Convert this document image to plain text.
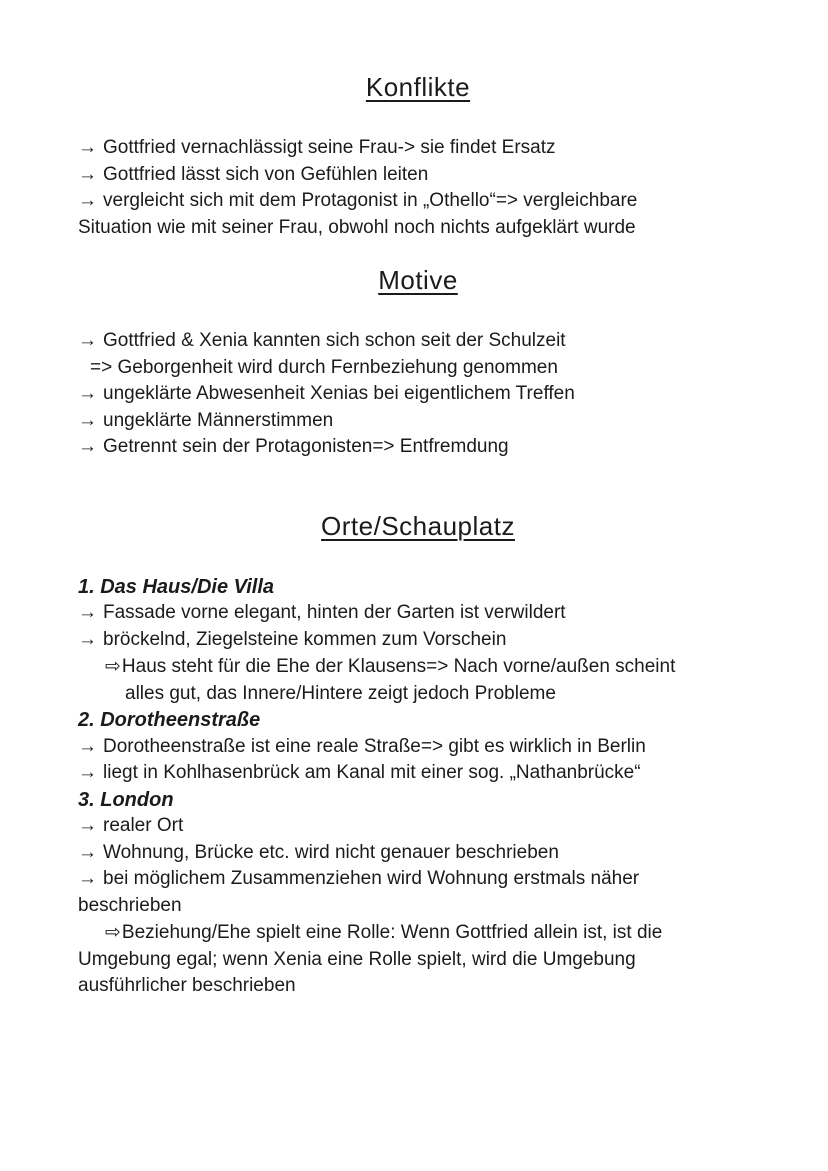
Konflikte
→ Gottfried vernachlässigt seine Frau-> sie findet Ersatz
→ Gottfried lässt sich von Gefühlen leiten
→ vergleicht sich mit dem Protagonist in „Othello“=> vergleichbare
Situation wie mit seiner Frau, obwohl noch nichts aufgeklärt wurde
Motive
→ Gottfried & Xenia kannten sich schon seit der Schulzeit
=> Geborgenheit wird durch Fernbeziehung genommen
→ ungeklärte Abwesenheit Xenias bei eigentlichem Treffen
→ ungeklärte Männerstimmen
→ Getrennt sein der Protagonisten=> Entfremdung
Orte/Schauplatz
1. Das Haus/Die Villa
→ Fassade vorne elegant, hinten der Garten ist verwildert
→ bröckelnd, Ziegelsteine kommen zum Vorschein
⇨ Haus steht für die Ehe der Klausens=> Nach vorne/außen scheint
alles gut, das Innere/Hintere zeigt jedoch Probleme
2. Dorotheenstraße
→ Dorotheenstraße ist eine reale Straße=> gibt es wirklich in Berlin
→ liegt in Kohlhasenbrück am Kanal mit einer sog. „Nathanbrücke“
3. London
→ realer Ort
→ Wohnung, Brücke etc. wird nicht genauer beschrieben
→ bei möglichem Zusammenziehen wird Wohnung erstmals näher
beschrieben
⇨ Beziehung/Ehe spielt eine Rolle: Wenn Gottfried allein ist, ist die
Umgebung egal; wenn Xenia eine Rolle spielt, wird die Umgebung
ausführlicher beschrieben
